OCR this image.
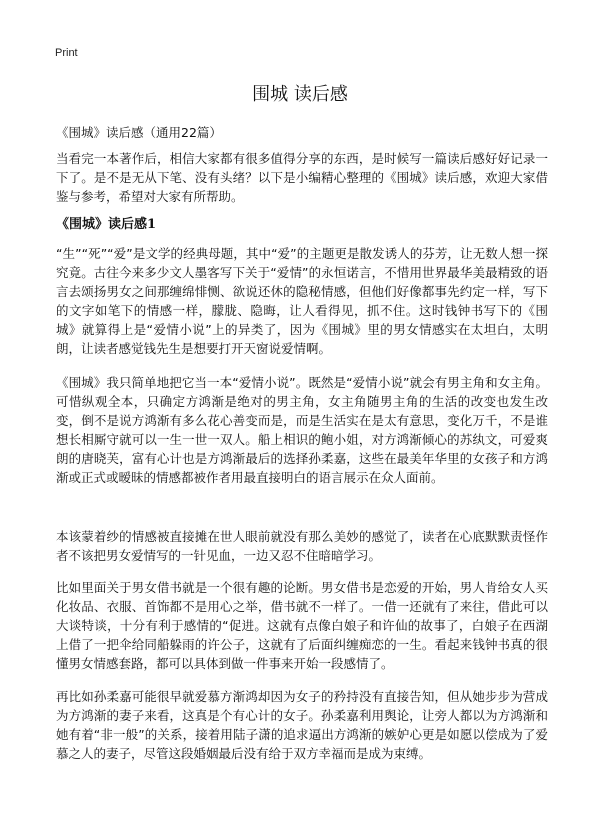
Print
围城 读后感
《围城》读后感（通用22篇）

当看完一本著作后，相信大家都有很多值得分享的东西，是时候写一篇读后感好好记录一下了。是不是无从下笔、没有头绪？以下是小编精心整理的《围城》读后感，欢迎大家借鉴与参考，希望对大家有所帮助。

《围城》读后感1

“生”“死”“爱”是文学的经典母题，其中“爱”的主题更是散发诱人的芬芳，让无数人想一探究竟。古往今来多少文人墨客写下关于“爱情”的永恒诺言，不惜用世界最华美最精致的语言去颂扬男女之间那缠绵悱恻、欲说还休的隐秘情感，但他们好像都事先约定一样，写下的文字如笔下的情感一样，朦胧、隐晦，让人看得见，抓不住。这时钱钟书写下的《围城》就算得上是“爱情小说”上的异类了，因为《围城》里的男女情感实在太坦白，太明朗，让读者感觉钱先生是想要打开天窗说爱情啊。

《围城》我只简单地把它当一本“爱情小说”。既然是“爱情小说”就会有男主角和女主角。可惜纵观全本，只确定方鸿渐是绝对的男主角，女主角随男主角的生活的改变也发生改变，倒不是说方鸿渐有多么花心善变而是，而是生活实在是太有意思，变化万千，不是谁想长相厮守就可以一生一世一双人。船上相识的鲍小姐，对方鸿渐倾心的苏纨文，可爱爽朗的唐晓芙，富有心计也是方鸿渐最后的选择孙柔嘉，这些在最美年华里的女孩子和方鸿渐或正式或暧昧的情感都被作者用最直接明白的语言展示在众人面前。

本该蒙着纱的情感被直接摊在世人眼前就没有那么美妙的感觉了，读者在心底默默责怪作者不该把男女爱情写的一针见血，一边又忍不住暗暗学习。

比如里面关于男女借书就是一个很有趣的论断。男女借书是恋爱的开始，男人肯给女人买化妆品、衣服、首饰都不是用心之举，借书就不一样了。一借一还就有了来往，借此可以大谈特谈，十分有利于感情的“促进。这就有点像白娘子和许仙的故事了，白娘子在西湖上借了一把伞给同船躲雨的许公子，这就有了后面纠缠痴恋的一生。看起来钱钟书真的很懂男女情感套路，都可以具体到做一件事来开始一段感情了。

再比如孙柔嘉可能很早就爱慕方渐鸿却因为女子的矜持没有直接告知，但从她步步为营成为方鸿渐的妻子来看，这真是个有心计的女子。孙柔嘉利用舆论，让旁人都以为方鸿渐和她有着“非一般”的关系，接着用陆子潇的追求逼出方鸿渐的嫉妒心更是如愿以偿成为了爱慕之人的妻子，尽管这段婚姻最后没有给于双方幸福而是成为束缚。
